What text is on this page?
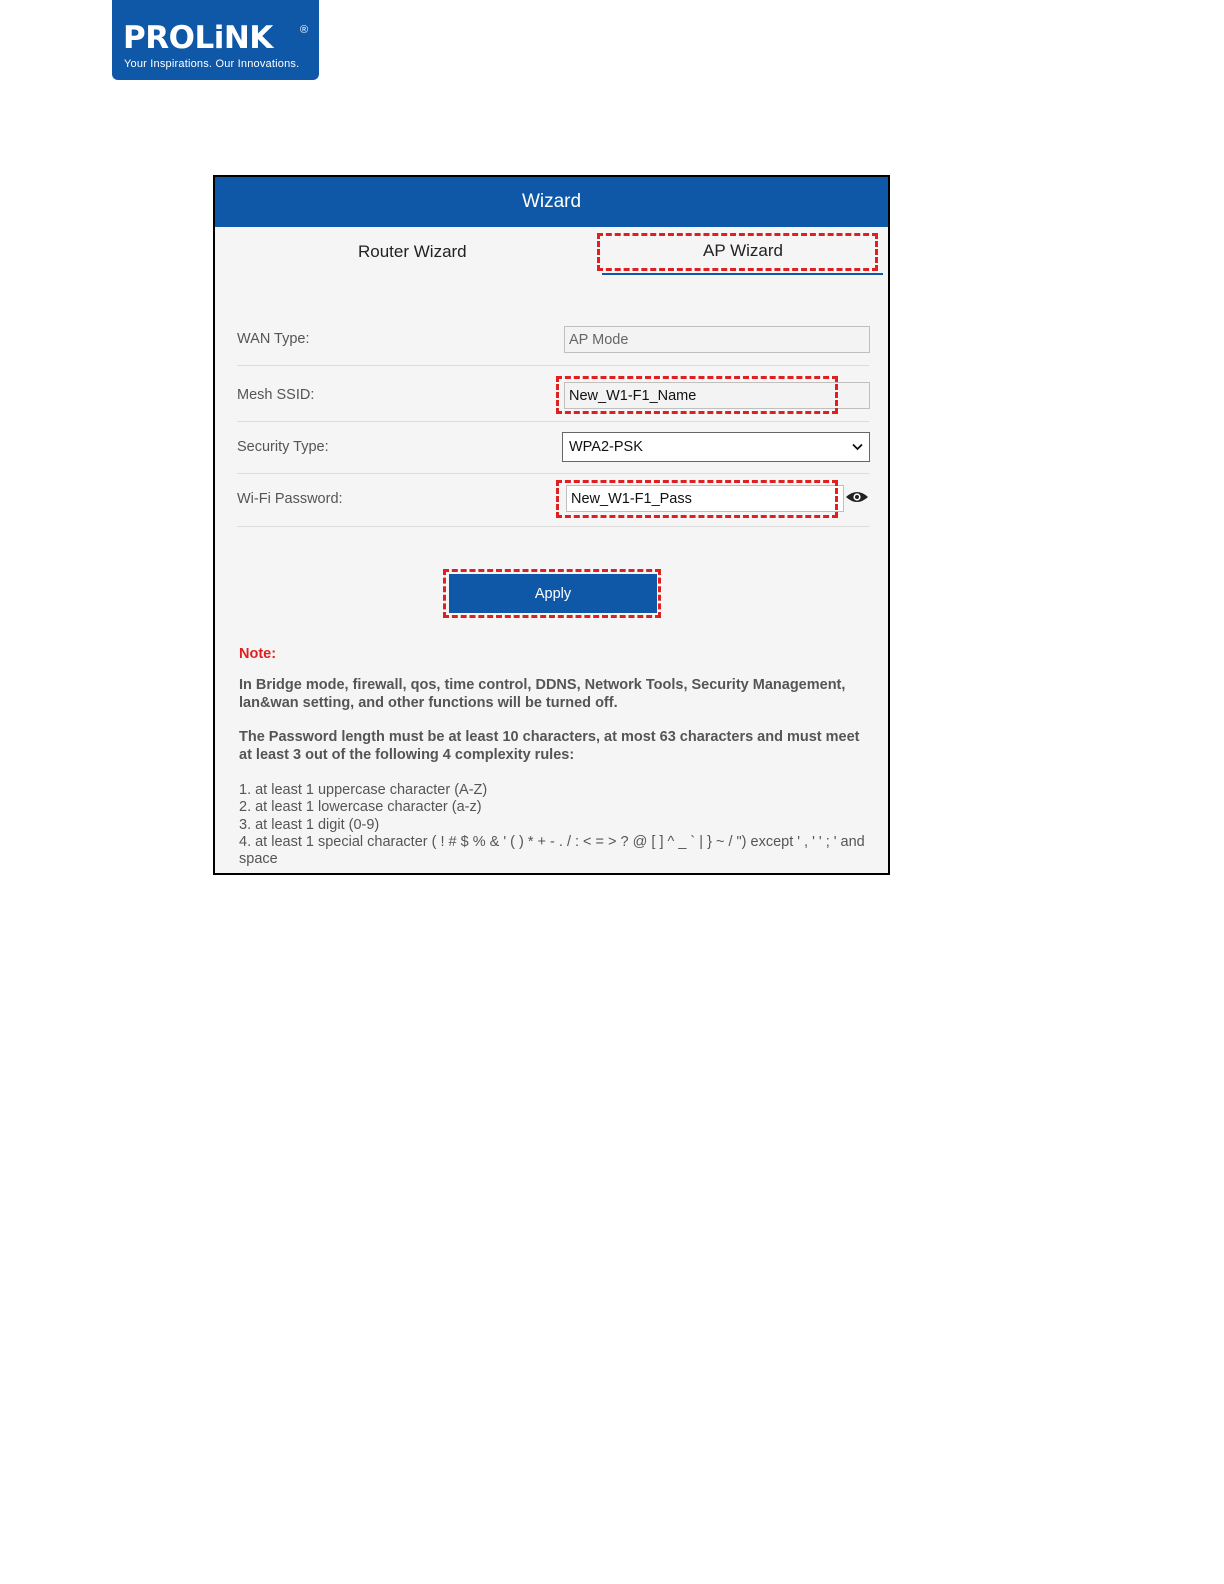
PROLiNK ®
Your Inspirations. Our Innovations.
Wizard
Router Wizard	AP Wizard
WAN Type:	AP Mode
Mesh SSID:	New_W1-F1_Name
Security Type:	WPA2-PSK
Wi-Fi Password:	New_W1-F1_Pass
Apply
Note:
In Bridge mode, firewall, qos, time control, DDNS, Network Tools, Security Management, lan&wan setting, and other functions will be turned off.
The Password length must be at least 10 characters, at most 63 characters and must meet at least 3 out of the following 4 complexity rules:
1. at least 1 uppercase character (A-Z)
2. at least 1 lowercase character (a-z)
3. at least 1 digit (0-9)
4. at least 1 special character ( ! # $ % & ' ( ) * + - . / : < = > ? @ [ ] ^ _ ` | } ~ / ") except ' , ' ' ; ' and space
